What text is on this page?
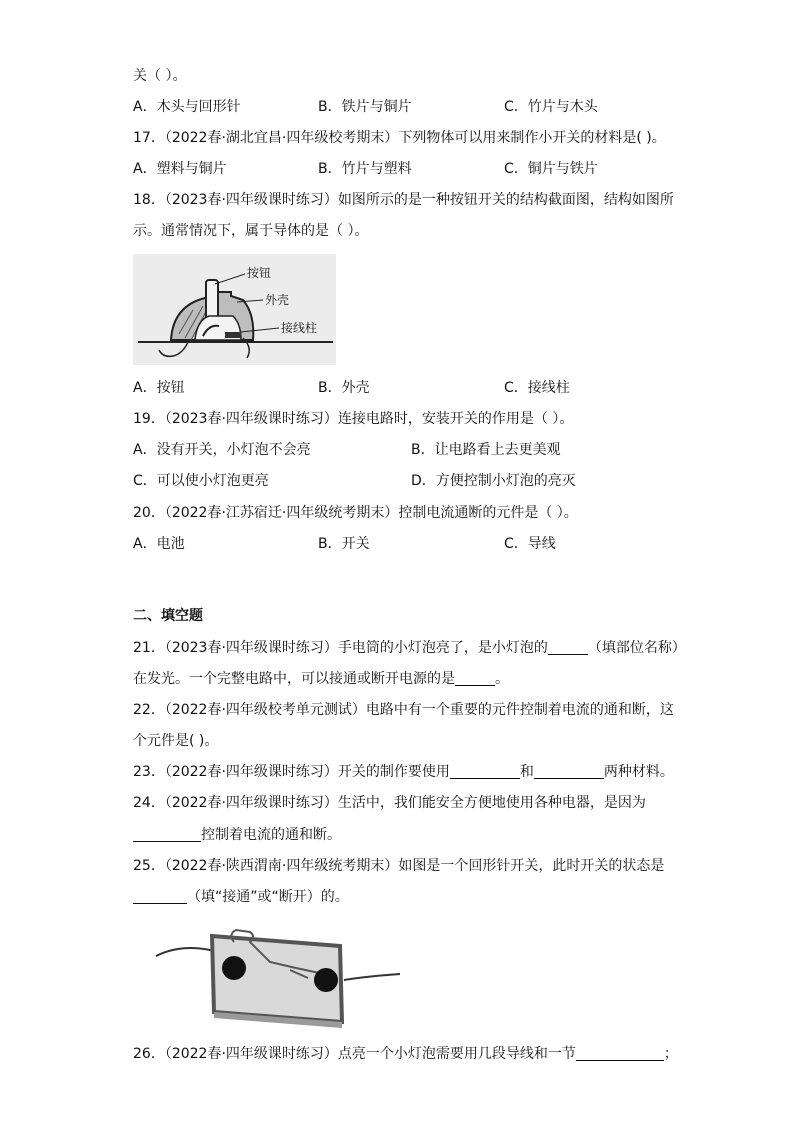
关（ ）。
A．木头与回形针	B．铁片与铜片	C．竹片与木头
17．（2022春·湖北宜昌·四年级校考期末）下列物体可以用来制作小开关的材料是( )。
A．塑料与铜片	B．竹片与塑料	C．铜片与铁片
18．（2023春·四年级课时练习）如图所示的是一种按钮开关的结构截面图，结构如图所
示。通常情况下，属于导体的是（ ）。
按钮
外壳
接线柱
A．按钮	B．外壳	C．接线柱
19．（2023春·四年级课时练习）连接电路时，安装开关的作用是（ ）。
A．没有开关，小灯泡不会亮	B．让电路看上去更美观
C．可以使小灯泡更亮	D．方便控制小灯泡的亮灭
20．（2022春·江苏宿迁·四年级统考期末）控制电流通断的元件是（ ）。
A．电池	B．开关	C．导线
二、填空题
21．（2023春·四年级课时练习）手电筒的小灯泡亮了，是小灯泡的	（填部位名称）
在发光。一个完整电路中，可以接通或断开电源的是	。
22．（2022春·四年级校考单元测试）电路中有一个重要的元件控制着电流的通和断，这
个元件是( )。
23．（2022春·四年级课时练习）开关的制作要使用	和	两种材料。
24．（2022春·四年级课时练习）生活中，我们能安全方便地使用各种电器，是因为
控制着电流的通和断。
25．（2022春·陕西渭南·四年级统考期末）如图是一个回形针开关，此时开关的状态是
（填“接通”或“断开）的。
26．（2022春·四年级课时练习）点亮一个小灯泡需要用几段导线和一节	；
